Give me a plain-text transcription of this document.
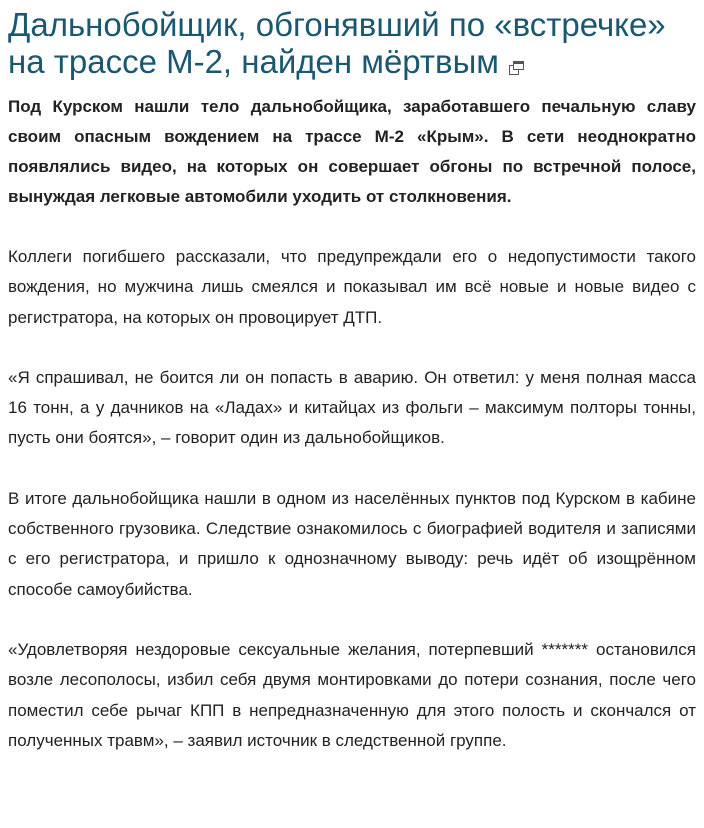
Дальнобойщик, обгонявший по «встречке» на трассе М-2, найден мёртвым

Под Курском нашли тело дальнобойщика, заработавшего печальную славу своим опасным вождением на трассе М-2 «Крым». В сети неоднократно появлялись видео, на которых он совершает обгоны по встречной полосе, вынуждая легковые автомобили уходить от столкновения.

Коллеги погибшего рассказали, что предупреждали его о недопустимости такого вождения, но мужчина лишь смеялся и показывал им всё новые и новые видео с регистратора, на которых он провоцирует ДТП.

«Я спрашивал, не боится ли он попасть в аварию. Он ответил: у меня полная масса 16 тонн, а у дачников на «Ладах» и китайцах из фольги – максимум полторы тонны, пусть они боятся», – говорит один из дальнобойщиков.

В итоге дальнобойщика нашли в одном из населённых пунктов под Курском в кабине собственного грузовика. Следствие ознакомилось с биографией водителя и записями с его регистратора, и пришло к однозначному выводу: речь идёт об изощрённом способе самоубийства.

«Удовлетворяя нездоровые сексуальные желания, потерпевший ******* остановился возле лесополосы, избил себя двумя монтировками до потери сознания, после чего поместил себе рычаг КПП в непредназначенную для этого полость и скончался от полученных травм», – заявил источник в следственной группе.
